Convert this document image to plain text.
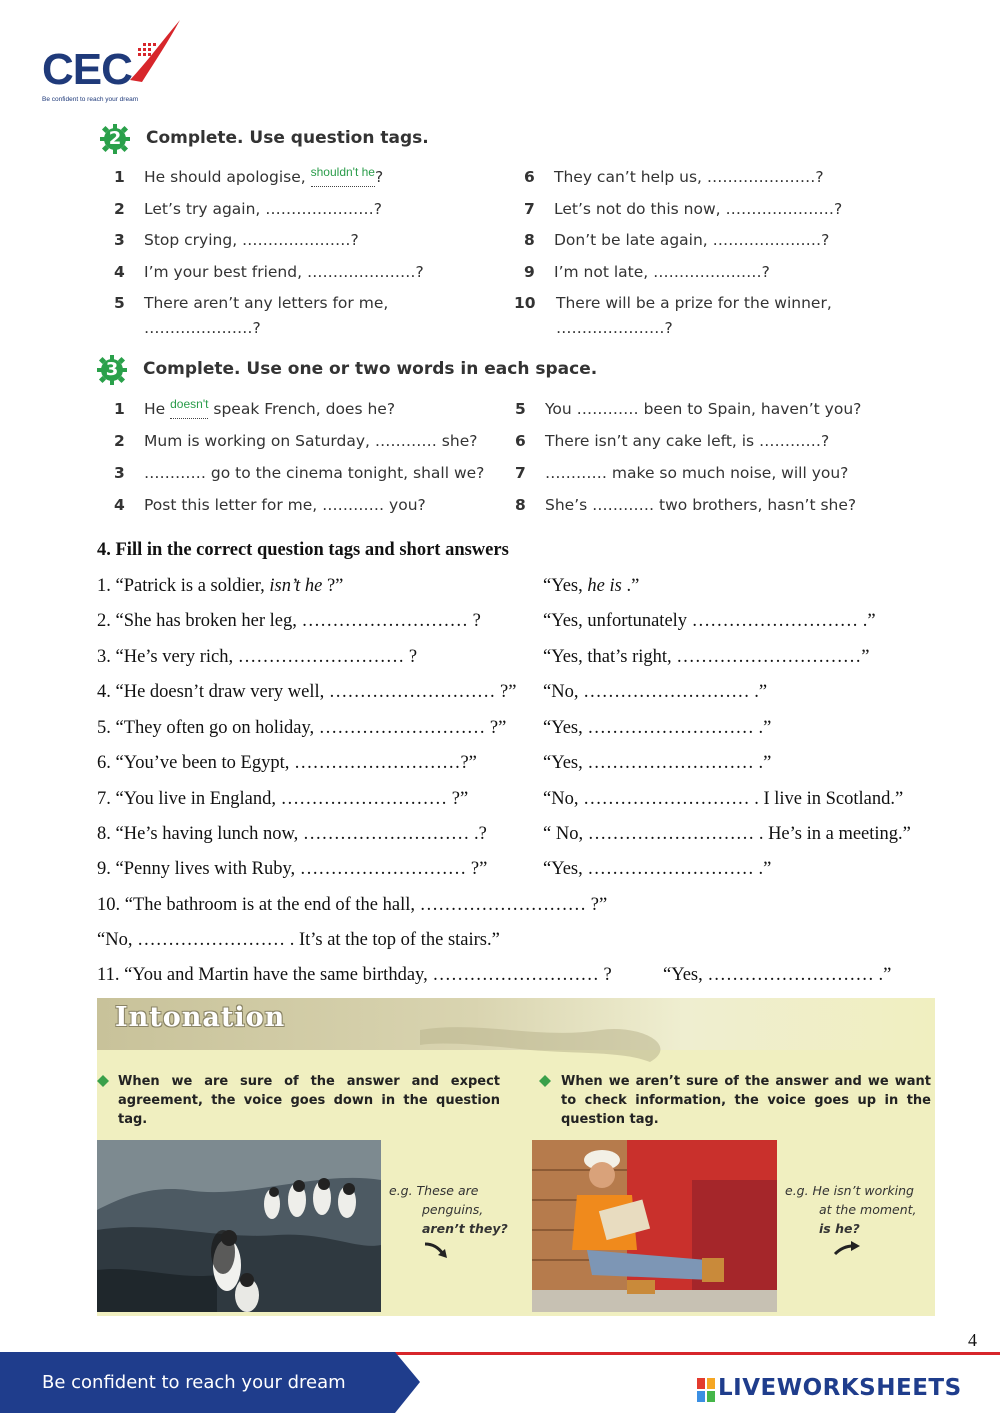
CEC
Be confident to reach your dream
2	Complete. Use question tags.
1 He should apologise, $^{shouldn't he}$?
2 Let’s try again, …………………?
3 Stop crying, …………………?
4 I’m your best friend, …………………?
5 There aren’t any letters for me,
…………………?
6 They can’t help us, …………………?
7 Let’s not do this now, …………………?
8 Don’t be late again, …………………?
9 I’m not late, …………………?
10 There will be a prize for the winner,
…………………?
3	Complete. Use one or two words in each space.
1 He $^{doesn't}$ speak French, does he?
2 Mum is working on Saturday, ………… she?
3 ………… go to the cinema tonight, shall we?
4 Post this letter for me, ………… you?
5 You ………… been to Spain, haven’t you?
6 There isn’t any cake left, is …………?
7 ………… make so much noise, will you?
8 She’s ………… two brothers, hasn’t she?
4. Fill in the correct question tags and short answers
1. “Patrick is a soldier, isn’t he ?”	“Yes, he is .”
2. “She has broken her leg, ……………………… ?	“Yes, unfortunately ……………………… .”
3. “He’s very rich, ……………………… ?	“Yes, that’s right, …………………………”
4. “He doesn’t draw very well, ……………………… ?” “No, ……………………… .”
5. “They often go on holiday, ……………………… ?” “Yes, ……………………… .”
6. “You’ve been to Egypt, ………………………?”	“Yes, ……………………… .”
7. “You live in England, ……………………… ?”	“No, ……………………… . I live in Scotland.”
8. “He’s having lunch now, ……………………… .?	“ No, ……………………… . He’s in a meeting.”
9. “Penny lives with Ruby, ……………………… ?”	“Yes, ……………………… .”
10. “The bathroom is at the end of the hall, ……………………… ?”
“No, …………………… . It’s at the top of the stairs.”
11. “You and Martin have the same birthday, ……………………… ?	“Yes, ……………………… .”
Intonation
When we are sure of the answer and expect agreement, the voice goes down in the question tag.
When we aren’t sure of the answer and we want to check information, the voice goes up in the question tag.
e.g. These are
penguins,
aren’t they?
e.g. He isn’t working
at the moment,
is he?
4
Be confident to reach your dream	LIVEWORKSHEETS
